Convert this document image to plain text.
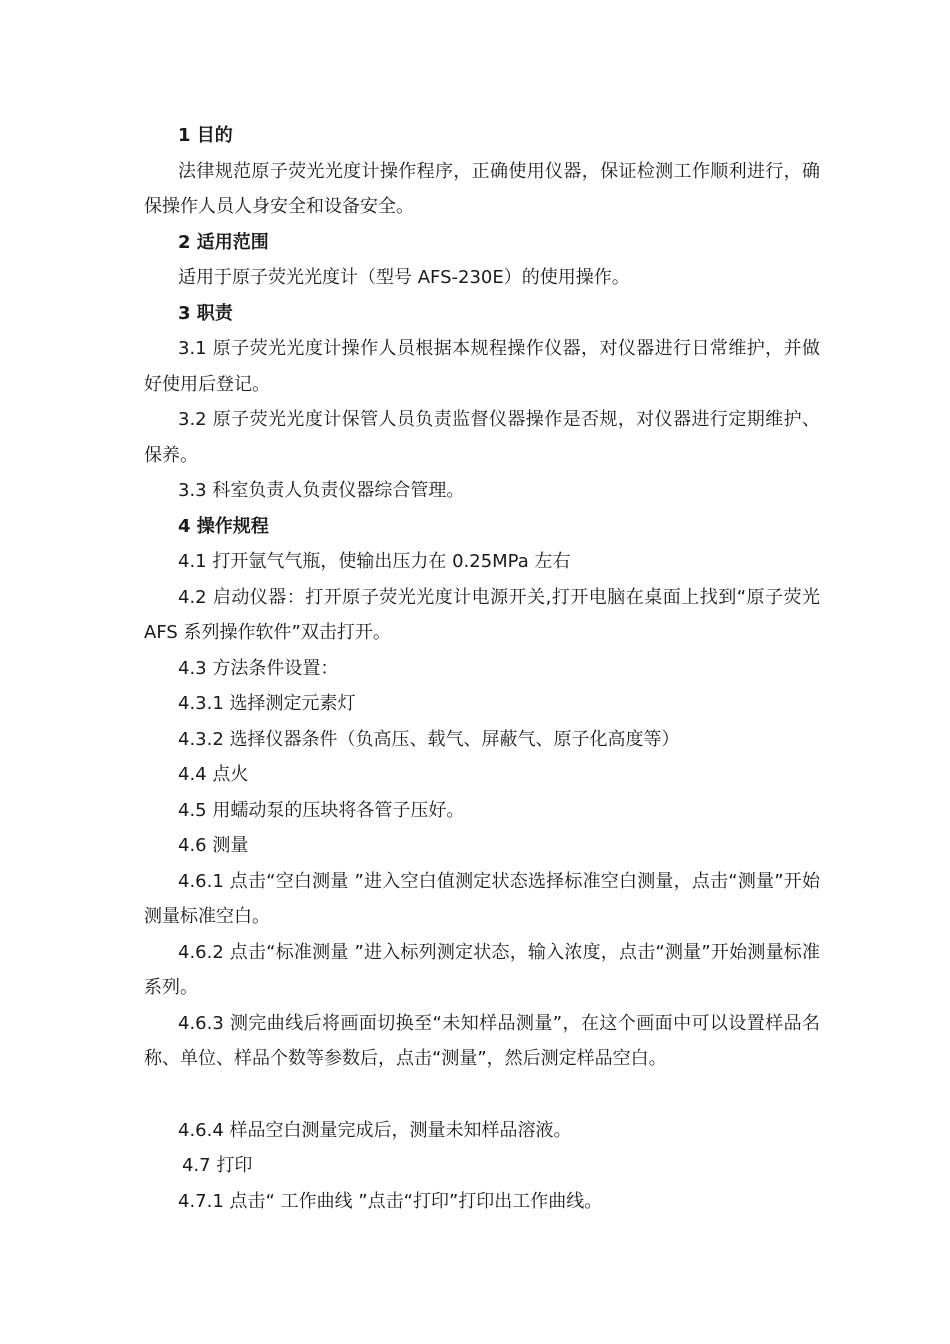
1 目的

法律规范原子荧光光度计操作程序，正确使用仪器，保证检测工作顺利进行，确保操作人员人身安全和设备安全。

2 适用范围

适用于原子荧光光度计（型号 AFS-230E）的使用操作。

3 职责

3.1 原子荧光光度计操作人员根据本规程操作仪器，对仪器进行日常维护，并做好使用后登记。

3.2 原子荧光光度计保管人员负责监督仪器操作是否规，对仪器进行定期维护、保养。

3.3 科室负责人负责仪器综合管理。

4 操作规程

4.1 打开氩气气瓶，使输出压力在 0.25MPa 左右

4.2 启动仪器：打开原子荧光光度计电源开关,打开电脑在桌面上找到“原子荧光 AFS 系列操作软件”双击打开。

4.3 方法条件设置：

4.3.1 选择测定元素灯

4.3.2 选择仪器条件（负高压、载气、屏蔽气、原子化高度等）

4.4 点火

4.5 用蠕动泵的压块将各管子压好。

4.6 测量

4.6.1 点击“空白测量 ”进入空白值测定状态选择标准空白测量，点击“测量”开始测量标准空白。

4.6.2 点击“标准测量 ”进入标列测定状态，输入浓度，点击“测量”开始测量标准系列。

4.6.3 测完曲线后将画面切换至“未知样品测量”，在这个画面中可以设置样品名称、单位、样品个数等参数后，点击“测量”，然后测定样品空白。

4.6.4 样品空白测量完成后，测量未知样品溶液。

4.7 打印

4.7.1 点击“ 工作曲线 ”点击“打印”打印出工作曲线。
